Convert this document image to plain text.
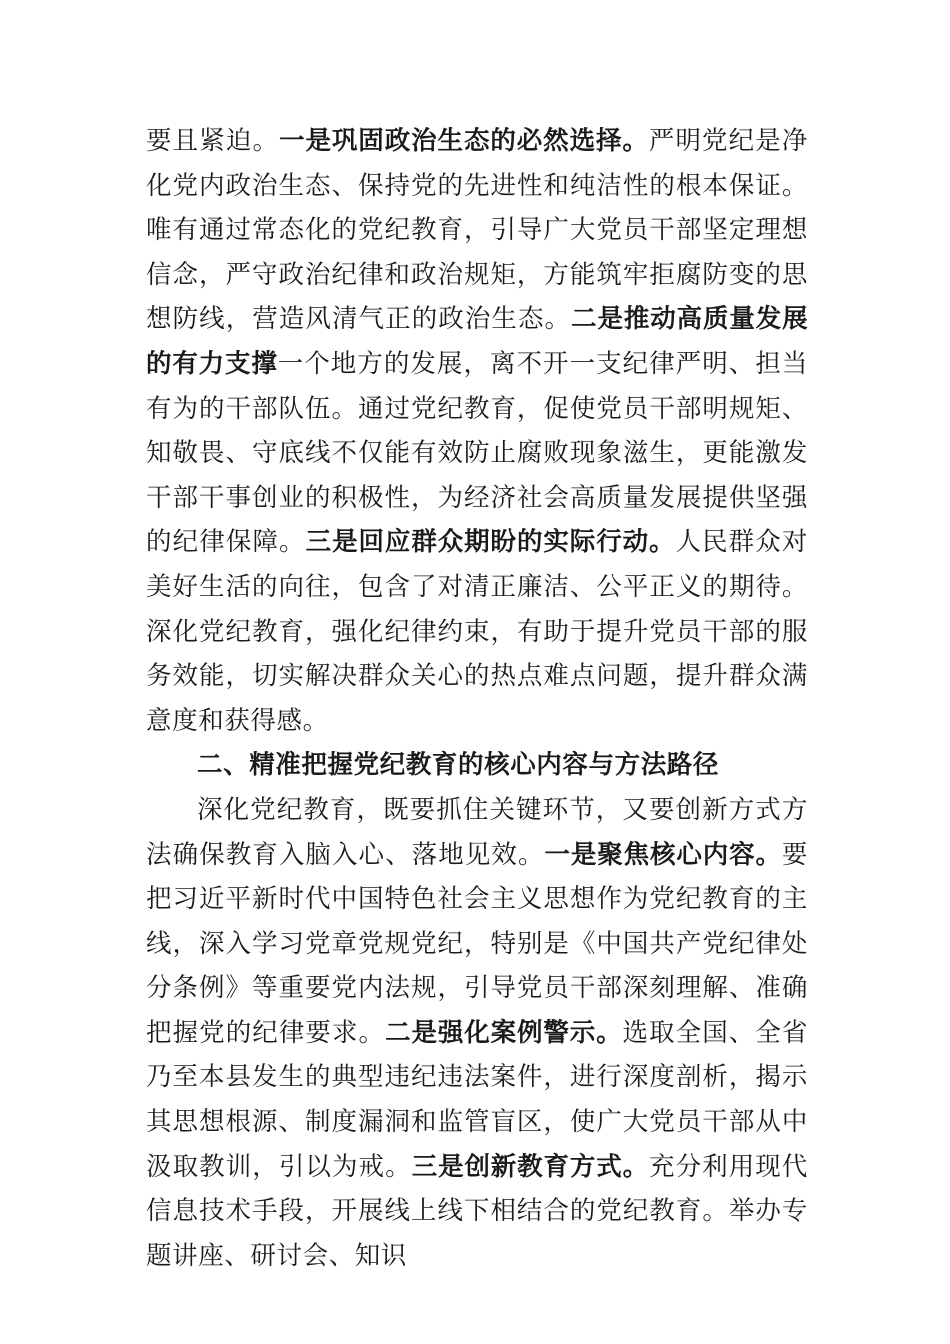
要且紧迫。一是巩固政治生态的必然选择。严明党纪是净化党内政治生态、保持党的先进性和纯洁性的根本保证。唯有通过常态化的党纪教育，引导广大党员干部坚定理想信念，严守政治纪律和政治规矩，方能筑牢拒腐防变的思想防线，营造风清气正的政治生态。二是推动高质量发展的有力支撑一个地方的发展，离不开一支纪律严明、担当有为的干部队伍。通过党纪教育，促使党员干部明规矩、知敬畏、守底线不仅能有效防止腐败现象滋生，更能激发干部干事创业的积极性，为经济社会高质量发展提供坚强的纪律保障。三是回应群众期盼的实际行动。人民群众对美好生活的向往，包含了对清正廉洁、公平正义的期待。深化党纪教育，强化纪律约束，有助于提升党员干部的服务效能，切实解决群众关心的热点难点问题，提升群众满意度和获得感。

二、精准把握党纪教育的核心内容与方法路径

深化党纪教育，既要抓住关键环节，又要创新方式方法确保教育入脑入心、落地见效。一是聚焦核心内容。要把习近平新时代中国特色社会主义思想作为党纪教育的主线，深入学习党章党规党纪，特别是《中国共产党纪律处分条例》等重要党内法规，引导党员干部深刻理解、准确把握党的纪律要求。二是强化案例警示。选取全国、全省乃至本县发生的典型违纪违法案件，进行深度剖析，揭示其思想根源、制度漏洞和监管盲区，使广大党员干部从中汲取教训，引以为戒。三是创新教育方式。充分利用现代信息技术手段，开展线上线下相结合的党纪教育。举办专题讲座、研讨会、知识
